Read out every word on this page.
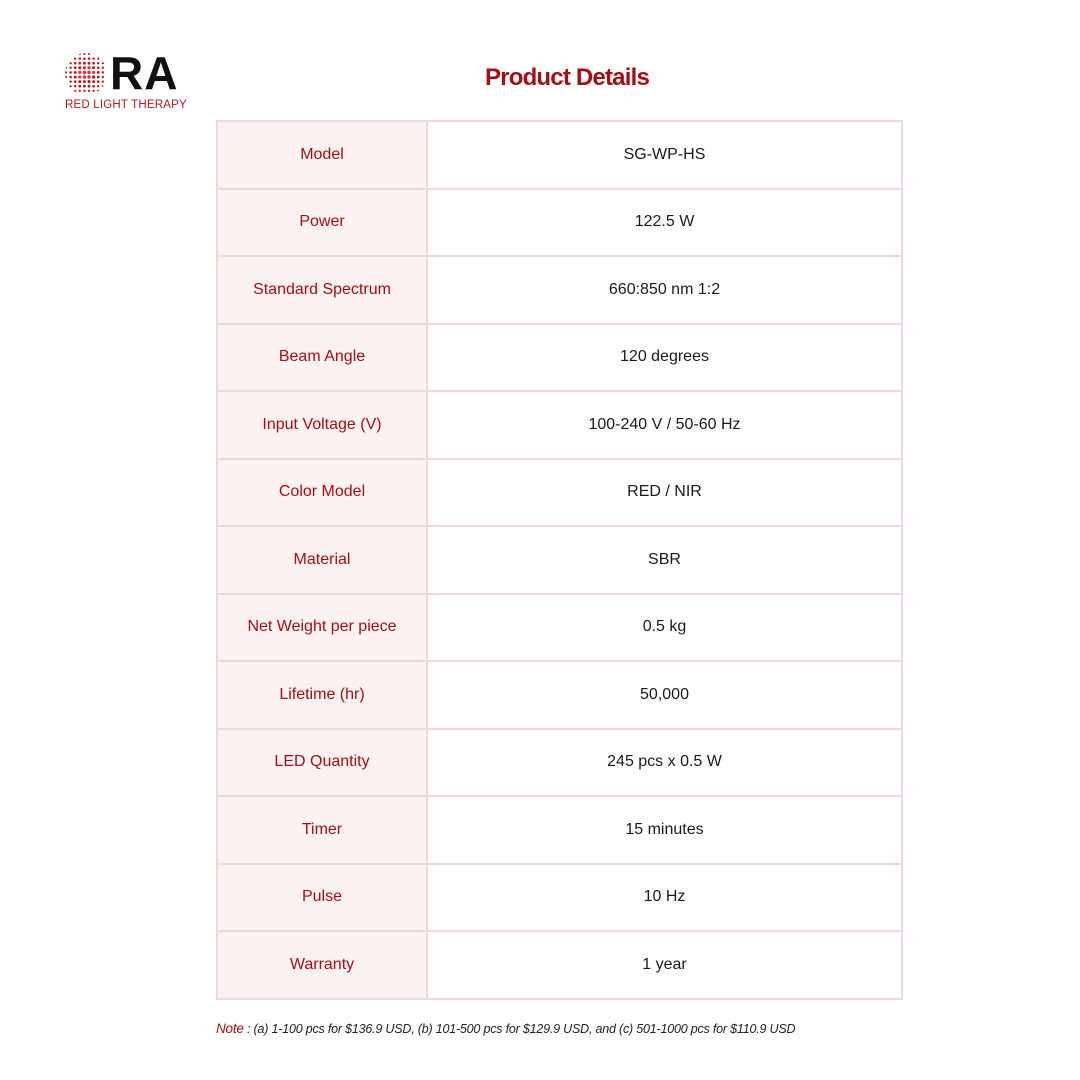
RA
RED LIGHT THERAPY
Product Details
Model	SG-WP-HS
Power	122.5 W
Standard Spectrum	660:850 nm 1:2
Beam Angle	120 degrees
Input Voltage (V)	100-240 V / 50-60 Hz
Color Model	RED / NIR
Material	SBR
Net Weight per piece	0.5 kg
Lifetime (hr)	50,000
LED Quantity	245 pcs x 0.5 W
Timer	15 minutes
Pulse	10 Hz
Warranty	1 year
Note : (a) 1-100 pcs for $136.9 USD, (b) 101-500 pcs for $129.9 USD, and (c) 501-1000 pcs for $110.9 USD
